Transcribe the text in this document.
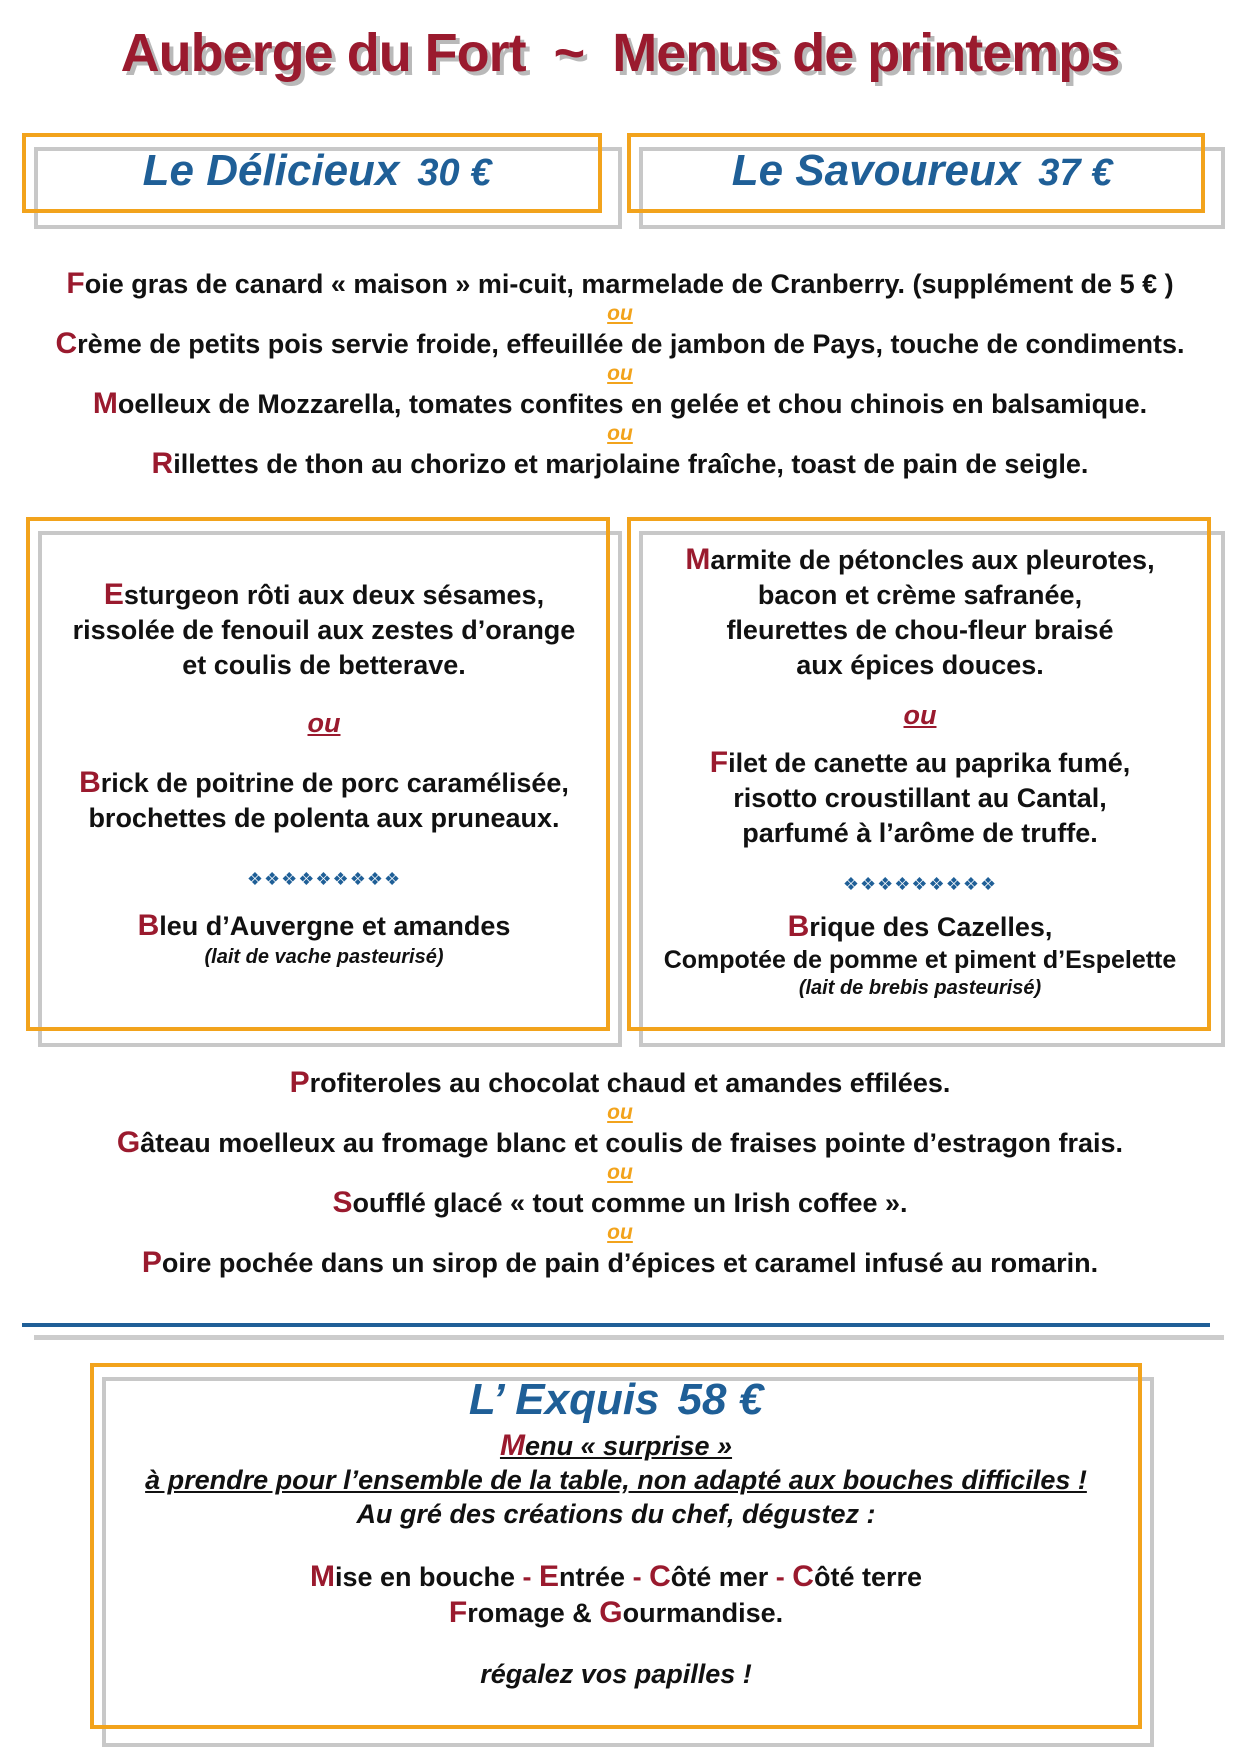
Auberge du Fort ~ Menus de printemps
Le Délicieux 30 €	Le Savoureux 37 €
Foie gras de canard « maison » mi-cuit, marmelade de Cranberry. (supplément de 5 € )
ou
Crème de petits pois servie froide, effeuillée de jambon de Pays, touche de condiments.
ou
Moelleux de Mozzarella, tomates confites en gelée et chou chinois en balsamique.
ou
Rillettes de thon au chorizo et marjolaine fraîche, toast de pain de seigle.
Esturgeon rôti aux deux sésames,
rissolée de fenouil aux zestes d’orange
et coulis de betterave.
ou
Brick de poitrine de porc caramélisée,
brochettes de polenta aux pruneaux.
❖❖❖❖❖❖❖❖❖
Bleu d’Auvergne et amandes
(lait de vache pasteurisé)
Marmite de pétoncles aux pleurotes,
bacon et crème safranée,
fleurettes de chou-fleur braisé
aux épices douces.
ou
Filet de canette au paprika fumé,
risotto croustillant au Cantal,
parfumé à l’arôme de truffe.
❖❖❖❖❖❖❖❖❖
Brique des Cazelles,
Compotée de pomme et piment d’Espelette
(lait de brebis pasteurisé)
Profiteroles au chocolat chaud et amandes effilées.
ou
Gâteau moelleux au fromage blanc et coulis de fraises pointe d’estragon frais.
ou
Soufflé glacé « tout comme un Irish coffee ».
ou
Poire pochée dans un sirop de pain d’épices et caramel infusé au romarin.
L’ Exquis 58 €
Menu « surprise »
à prendre pour l’ensemble de la table, non adapté aux bouches difficiles !
Au gré des créations du chef, dégustez :
Mise en bouche - Entrée - Côté mer - Côté terre
Fromage & Gourmandise.
régalez vos papilles !
